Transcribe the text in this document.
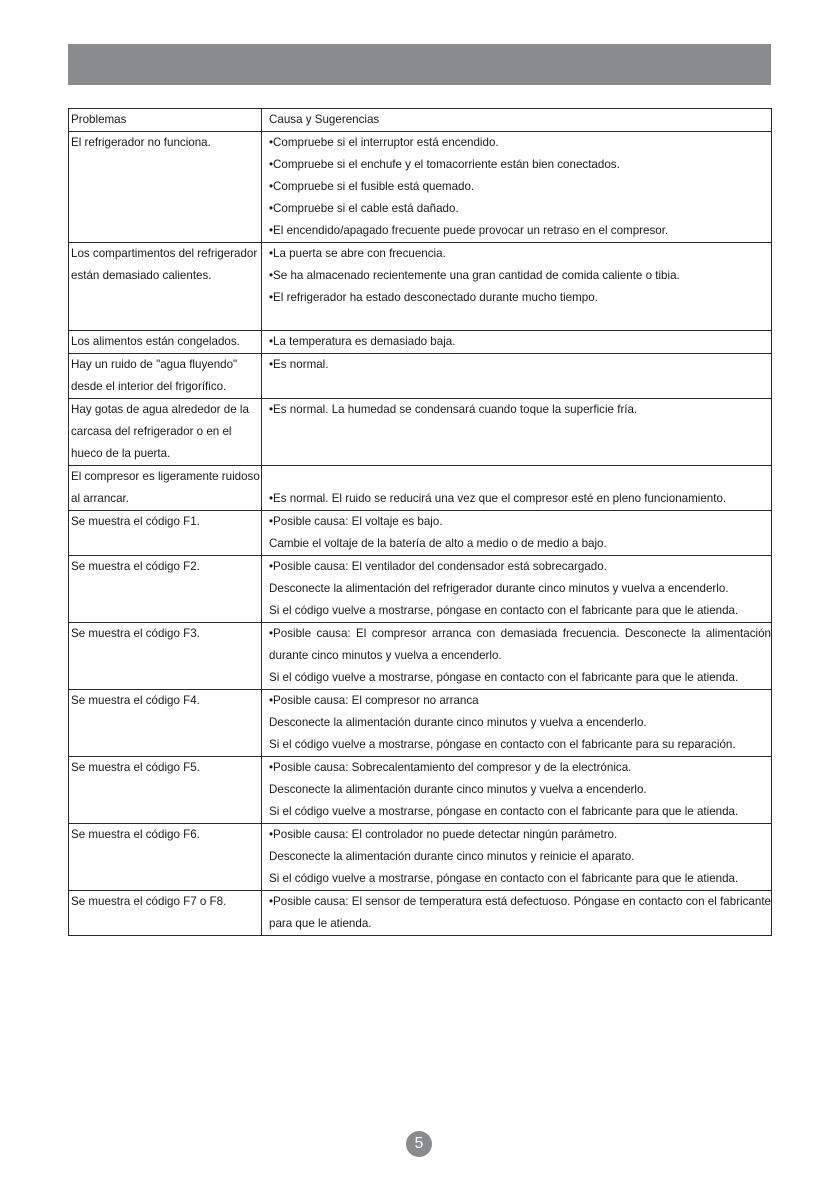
Problemas	Causa y Sugerencias
El refrigerador no funciona.	•Compruebe si el interruptor está encendido.
•Compruebe si el enchufe y el tomacorriente están bien conectados.
•Compruebe si el fusible está quemado.
•Compruebe si el cable está dañado.
•El encendido/apagado frecuente puede provocar un retraso en el compresor.

Los compartimentos del refrigerador están demasiado calientes.	•La puerta se abre con frecuencia.
•Se ha almacenado recientemente una gran cantidad de comida caliente o tibia.
•El refrigerador ha estado desconectado durante mucho tiempo.

Los alimentos están congelados.	•La temperatura es demasiado baja.

Hay un ruido de "agua fluyendo" desde el interior del frigorífico.	•Es normal.

Hay gotas de agua alrededor de la carcasa del refrigerador o en el hueco de la puerta.	•Es normal. La humedad se condensará cuando toque la superficie fría.

El compresor es ligeramente ruidoso al arrancar.	•Es normal. El ruido se reducirá una vez que el compresor esté en pleno funcionamiento.

Se muestra el código F1.	•Posible causa: El voltaje es bajo.
Cambie el voltaje de la batería de alto a medio o de medio a bajo.

Se muestra el código F2.	•Posible causa: El ventilador del condensador está sobrecargado.
Desconecte la alimentación del refrigerador durante cinco minutos y vuelva a encenderlo.
Si el código vuelve a mostrarse, póngase en contacto con el fabricante para que le atienda.

Se muestra el código F3.	•Posible causa: El compresor arranca con demasiada frecuencia. Desconecte la alimentación durante cinco minutos y vuelva a encenderlo.
Si el código vuelve a mostrarse, póngase en contacto con el fabricante para que le atienda.

Se muestra el código F4.	•Posible causa: El compresor no arranca
Desconecte la alimentación durante cinco minutos y vuelva a encenderlo.
Si el código vuelve a mostrarse, póngase en contacto con el fabricante para su reparación.

Se muestra el código F5.	•Posible causa: Sobrecalentamiento del compresor y de la electrónica.
Desconecte la alimentación durante cinco minutos y vuelva a encenderlo.
Si el código vuelve a mostrarse, póngase en contacto con el fabricante para que le atienda.

Se muestra el código F6.	•Posible causa: El controlador no puede detectar ningún parámetro.
Desconecte la alimentación durante cinco minutos y reinicie el aparato.
Si el código vuelve a mostrarse, póngase en contacto con el fabricante para que le atienda.

Se muestra el código F7 o F8.	•Posible causa: El sensor de temperatura está defectuoso. Póngase en contacto con el fabricante para que le atienda.
5
